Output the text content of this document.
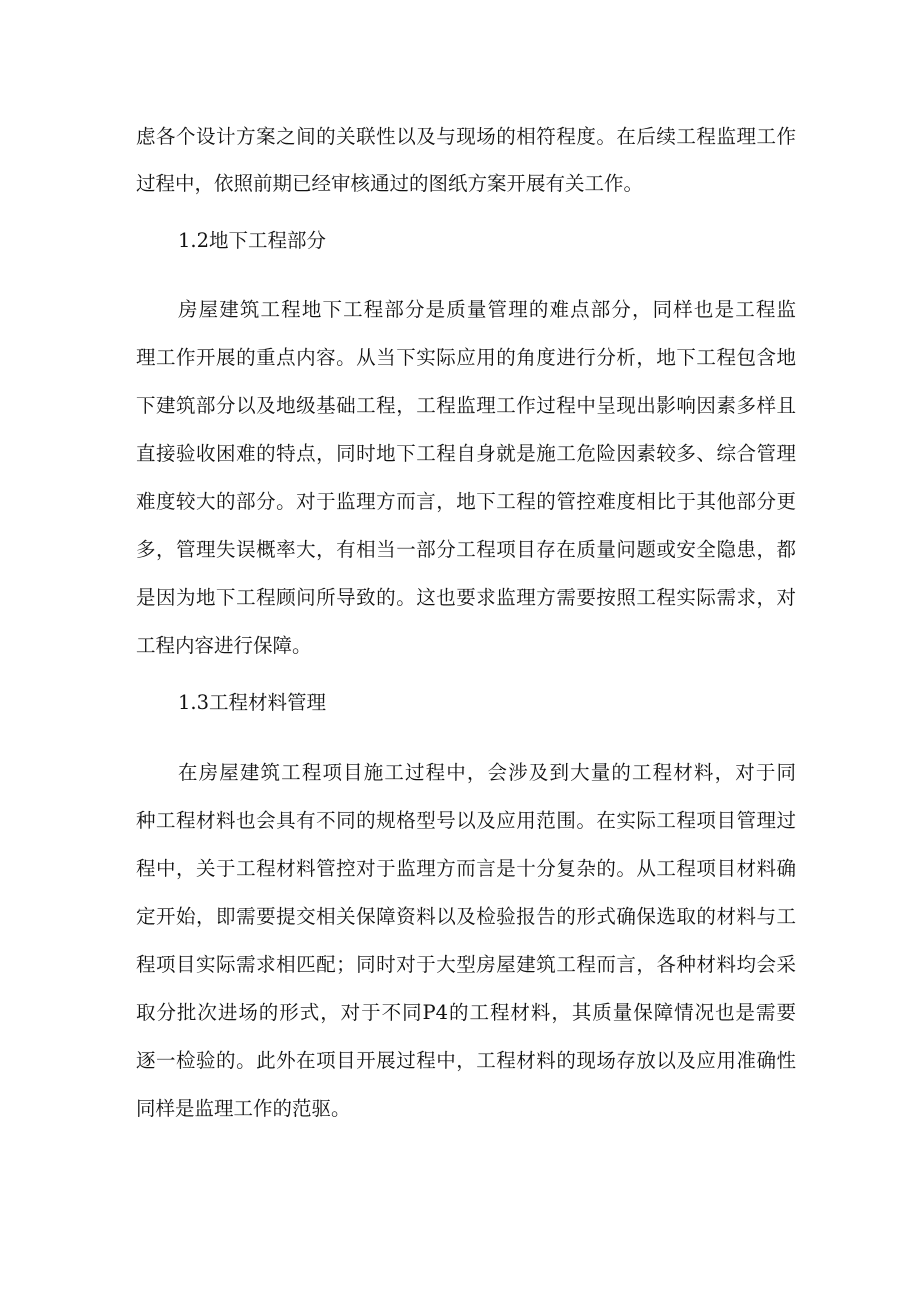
虑各个设计方案之间的关联性以及与现场的相符程度。在后续工程监理工作
过程中，依照前期已经审核通过的图纸方案开展有关工作。
1.2地下工程部分
房屋建筑工程地下工程部分是质量管理的难点部分，同样也是工程监
理工作开展的重点内容。从当下实际应用的角度进行分析，地下工程包含地
下建筑部分以及地级基础工程，工程监理工作过程中呈现出影响因素多样且
直接验收困难的特点，同时地下工程自身就是施工危险因素较多、综合管理
难度较大的部分。对于监理方而言，地下工程的管控难度相比于其他部分更
多，管理失误概率大，有相当一部分工程项目存在质量问题或安全隐患，都
是因为地下工程顾问所导致的。这也要求监理方需要按照工程实际需求，对
工程内容进行保障。
1.3工程材料管理
在房屋建筑工程项目施工过程中，会涉及到大量的工程材料，对于同
种工程材料也会具有不同的规格型号以及应用范围。在实际工程项目管理过
程中，关于工程材料管控对于监理方而言是十分复杂的。从工程项目材料确
定开始，即需要提交相关保障资料以及检验报告的形式确保选取的材料与工
程项目实际需求相匹配；同时对于大型房屋建筑工程而言，各种材料均会采
取分批次进场的形式，对于不同P4的工程材料，其质量保障情况也是需要
逐一检验的。此外在项目开展过程中，工程材料的现场存放以及应用准确性
同样是监理工作的范驱。
